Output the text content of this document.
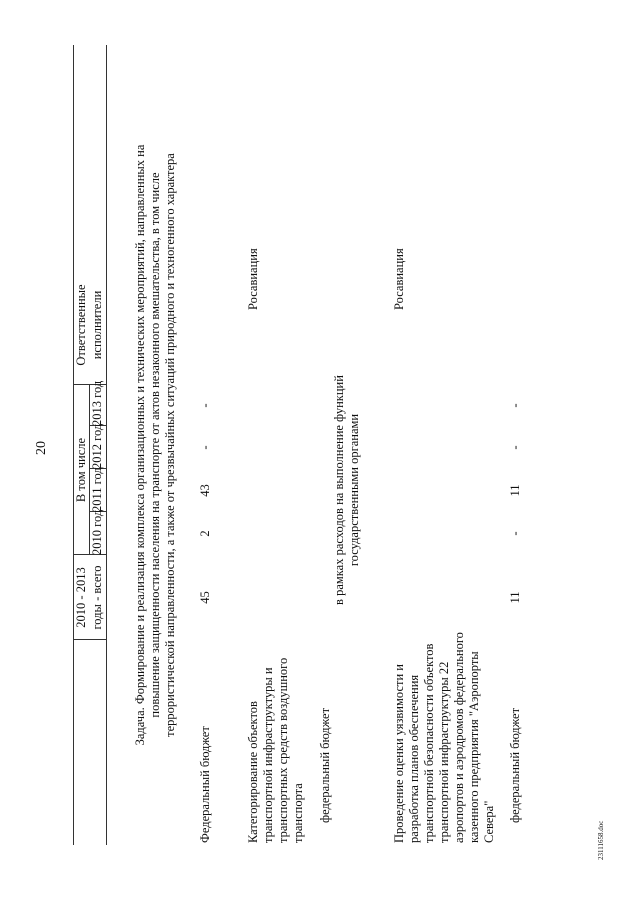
20
23111658.doc
2010 - 2013 годы - всего
В том числе
2010 год
2011 год
2012 год
2013 год
Ответственные исполнители Задача. Формирование и реализация комплекса организационных и технических мероприятий, направленных на повышение защищенности населения на транспорте от актов незаконного вмешательства, в том числе террористической направленности, а также от чрезвычайных ситуаций природного и техногенного характера
Федеральный бюджет
45
2
43
-
-
Категорирование объектов транспортной инфраструктуры и транспортных средств воздушного транспорта
Росавиация
федеральный бюджет
в рамках расходов на выполнение функций государственными органами
Проведение оценки уязвимости и разработка планов обеспечения транспортной безопасности объектов транспортной инфраструктуры 22 аэропортов и аэродромов федерального казенного предприятия "Аэропорты Севера"
Росавиация
федеральный бюджет
11
-
11
-
-
